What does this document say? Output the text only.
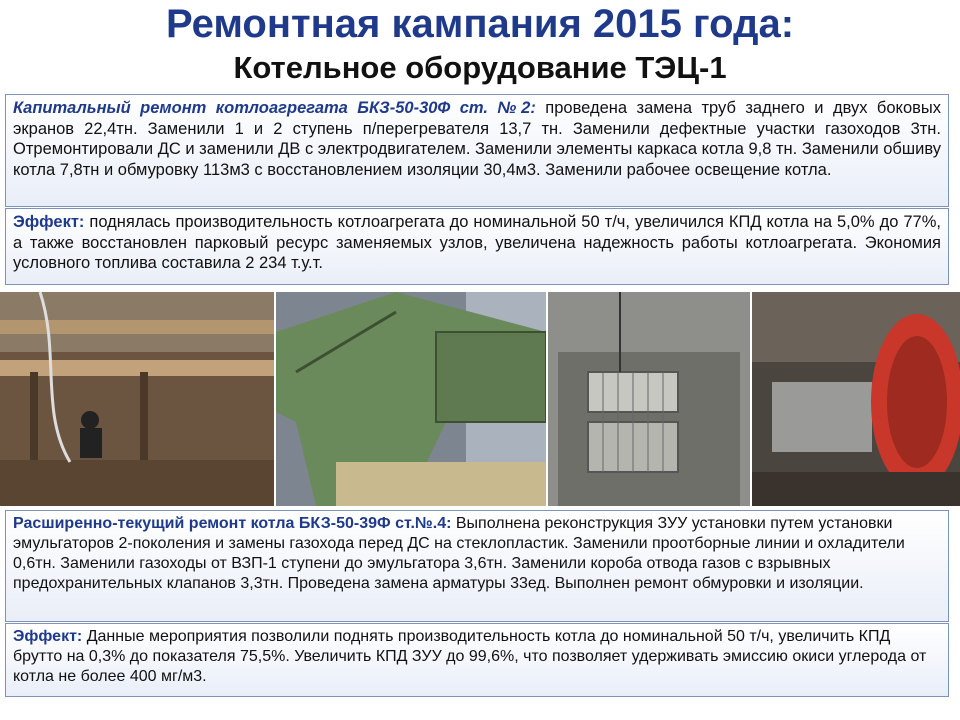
Ремонтная кампания 2015 года:
Котельное оборудование ТЭЦ-1
Капитальный ремонт котлоагрегата БКЗ-50-30Ф ст. №2: проведена замена труб заднего и двух боковых экранов 22,4тн. Заменили 1 и 2 ступень п/перегревателя 13,7 тн. Заменили дефектные участки газоходов 3тн. Отремонтировали ДС и заменили ДВ с электродвигателем. Заменили элементы каркаса котла 9,8 тн. Заменили обшиву котла 7,8тн и обмуровку 113м3 с восстановлением изоляции 30,4м3. Заменили рабочее освещение котла.
Эффект: поднялась производительность котлоагрегата до номинальной 50 т/ч, увеличился КПД котла на 5,0% до 77%, а также восстановлен парковый ресурс заменяемых узлов, увеличена надежность работы котлоагрегата. Экономия условного топлива составила 2 234 т.у.т.
Расширенно-текущий ремонт котла БКЗ-50-39Ф ст.№.4: Выполнена реконструкция ЗУУ установки путем установки эмульгаторов 2-поколения и замены газохода перед ДС на стеклопластик. Заменили проотборные линии и охладители 0,6тн. Заменили газоходы от ВЗП-1 ступени до эмульгатора 3,6тн. Заменили короба отвода газов с взрывных предохранительных клапанов 3,3тн. Проведена замена арматуры 33ед. Выполнен ремонт обмуровки и изоляции.
Эффект: Данные мероприятия позволили поднять производительность котла до номинальной 50 т/ч, увеличить КПД брутто на 0,3% до показателя 75,5%. Увеличить КПД ЗУУ до 99,6%, что позволяет удерживать эмиссию окиси углерода от котла не более 400 мг/м3.
